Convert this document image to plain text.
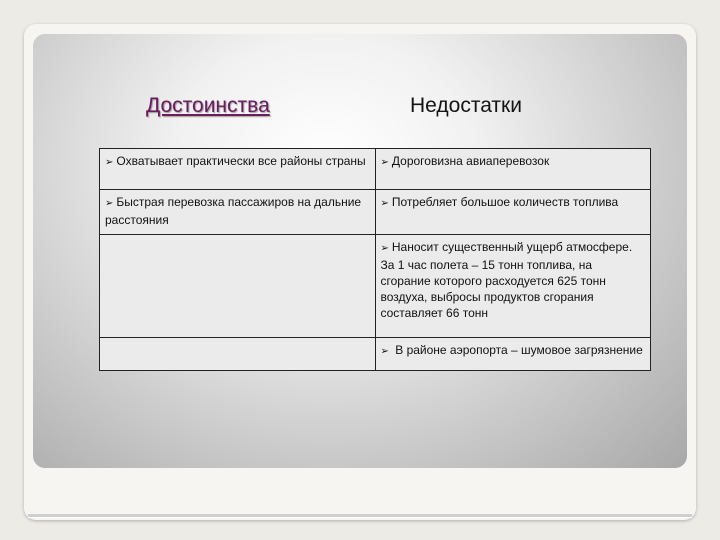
Достоинства	Недостатки
➢ Охватывает практически все районы страны	➢ Дороговизна авиаперевозок
➢ Быстрая перевозка пассажиров на дальние расстояния	➢ Потребляет большое количеств топлива
	➢ Наносит существенный ущерб атмосфере. За 1 час полета – 15 тонн топлива, на сгорание которого расходуется 625 тонн воздуха, выбросы продуктов сгорания составляет 66 тонн
	➢ В районе аэропорта – шумовое загрязнение
